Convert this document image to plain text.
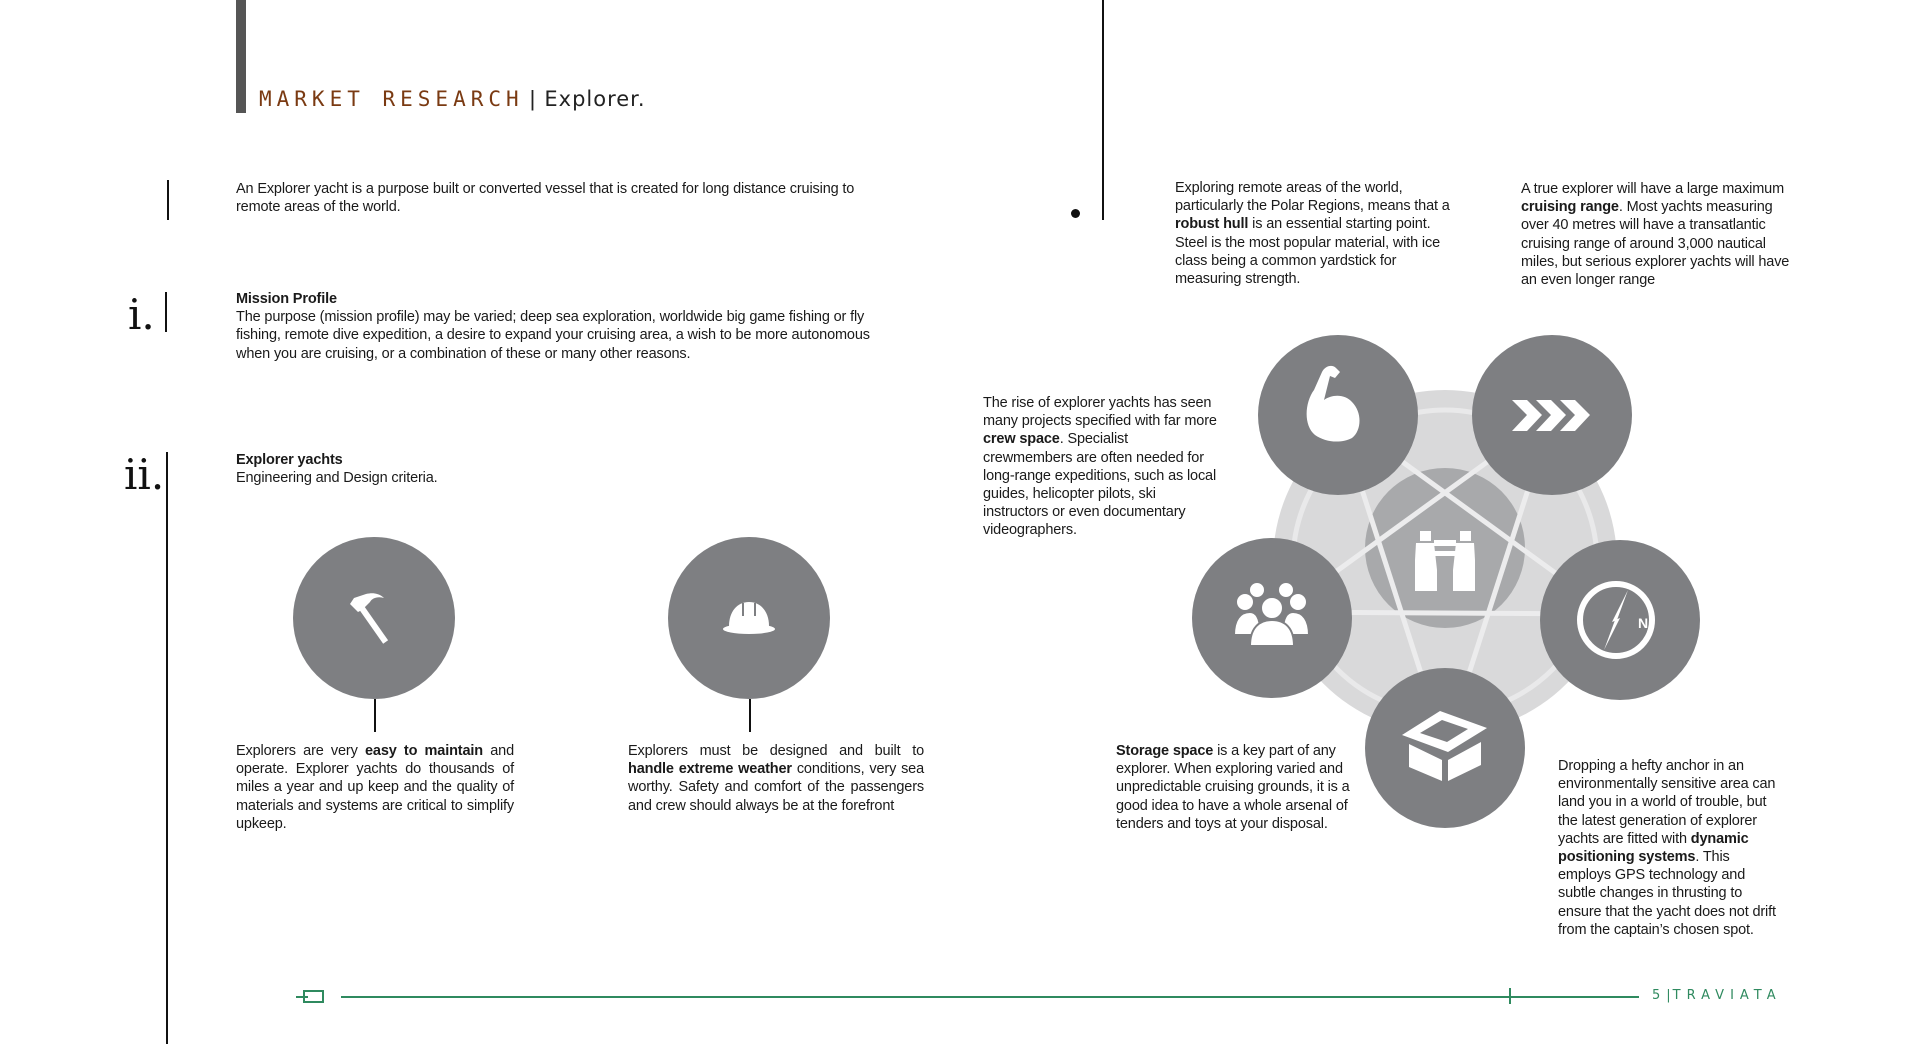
MARKET RESEARCH | Explorer.
An Explorer yacht is a purpose built or converted vessel that is created for long distance cruising to remote areas of the world.
i.	Mission Profile
The purpose (mission profile) may be varied; deep sea exploration, worldwide big game fishing or fly fishing, remote dive expedition, a desire to expand your cruising area, a wish to be more autonomous when you are cruising, or a combination of these or many other reasons.
ii.	Explorer yachts
Engineering and Design criteria.
Explorers are very easy to maintain and operate. Explorer yachts do thousands of miles a year and up keep and the quality of materials and systems are critical to simplify upkeep.
Explorers must be designed and built to handle extreme weather conditions, very sea worthy. Safety and comfort of the passengers and crew should always be at the forefront
Exploring remote areas of the world, particularly the Polar Regions, means that a robust hull is an essential starting point. Steel is the most popular material, with ice class being a common yardstick for measuring strength.
A true explorer will have a large maximum cruising range. Most yachts measuring over 40 metres will have a transatlantic cruising range of around 3,000 nautical miles, but serious explorer yachts will have an even longer range
The rise of explorer yachts has seen many projects specified with far more crew space. Specialist crewmembers are often needed for long-range expeditions, such as local guides, helicopter pilots, ski instructors or even documentary videographers.
Storage space is a key part of any explorer. When exploring varied and unpredictable cruising grounds, it is a good idea to have a whole arsenal of tenders and toys at your disposal.
Dropping a hefty anchor in an environmentally sensitive area can land you in a world of trouble, but the latest generation of explorer yachts are fitted with dynamic positioning systems. This employs GPS technology and subtle changes in thrusting to ensure that the yacht does not drift from the captain’s chosen spot.
N
5|TRAVIATA
